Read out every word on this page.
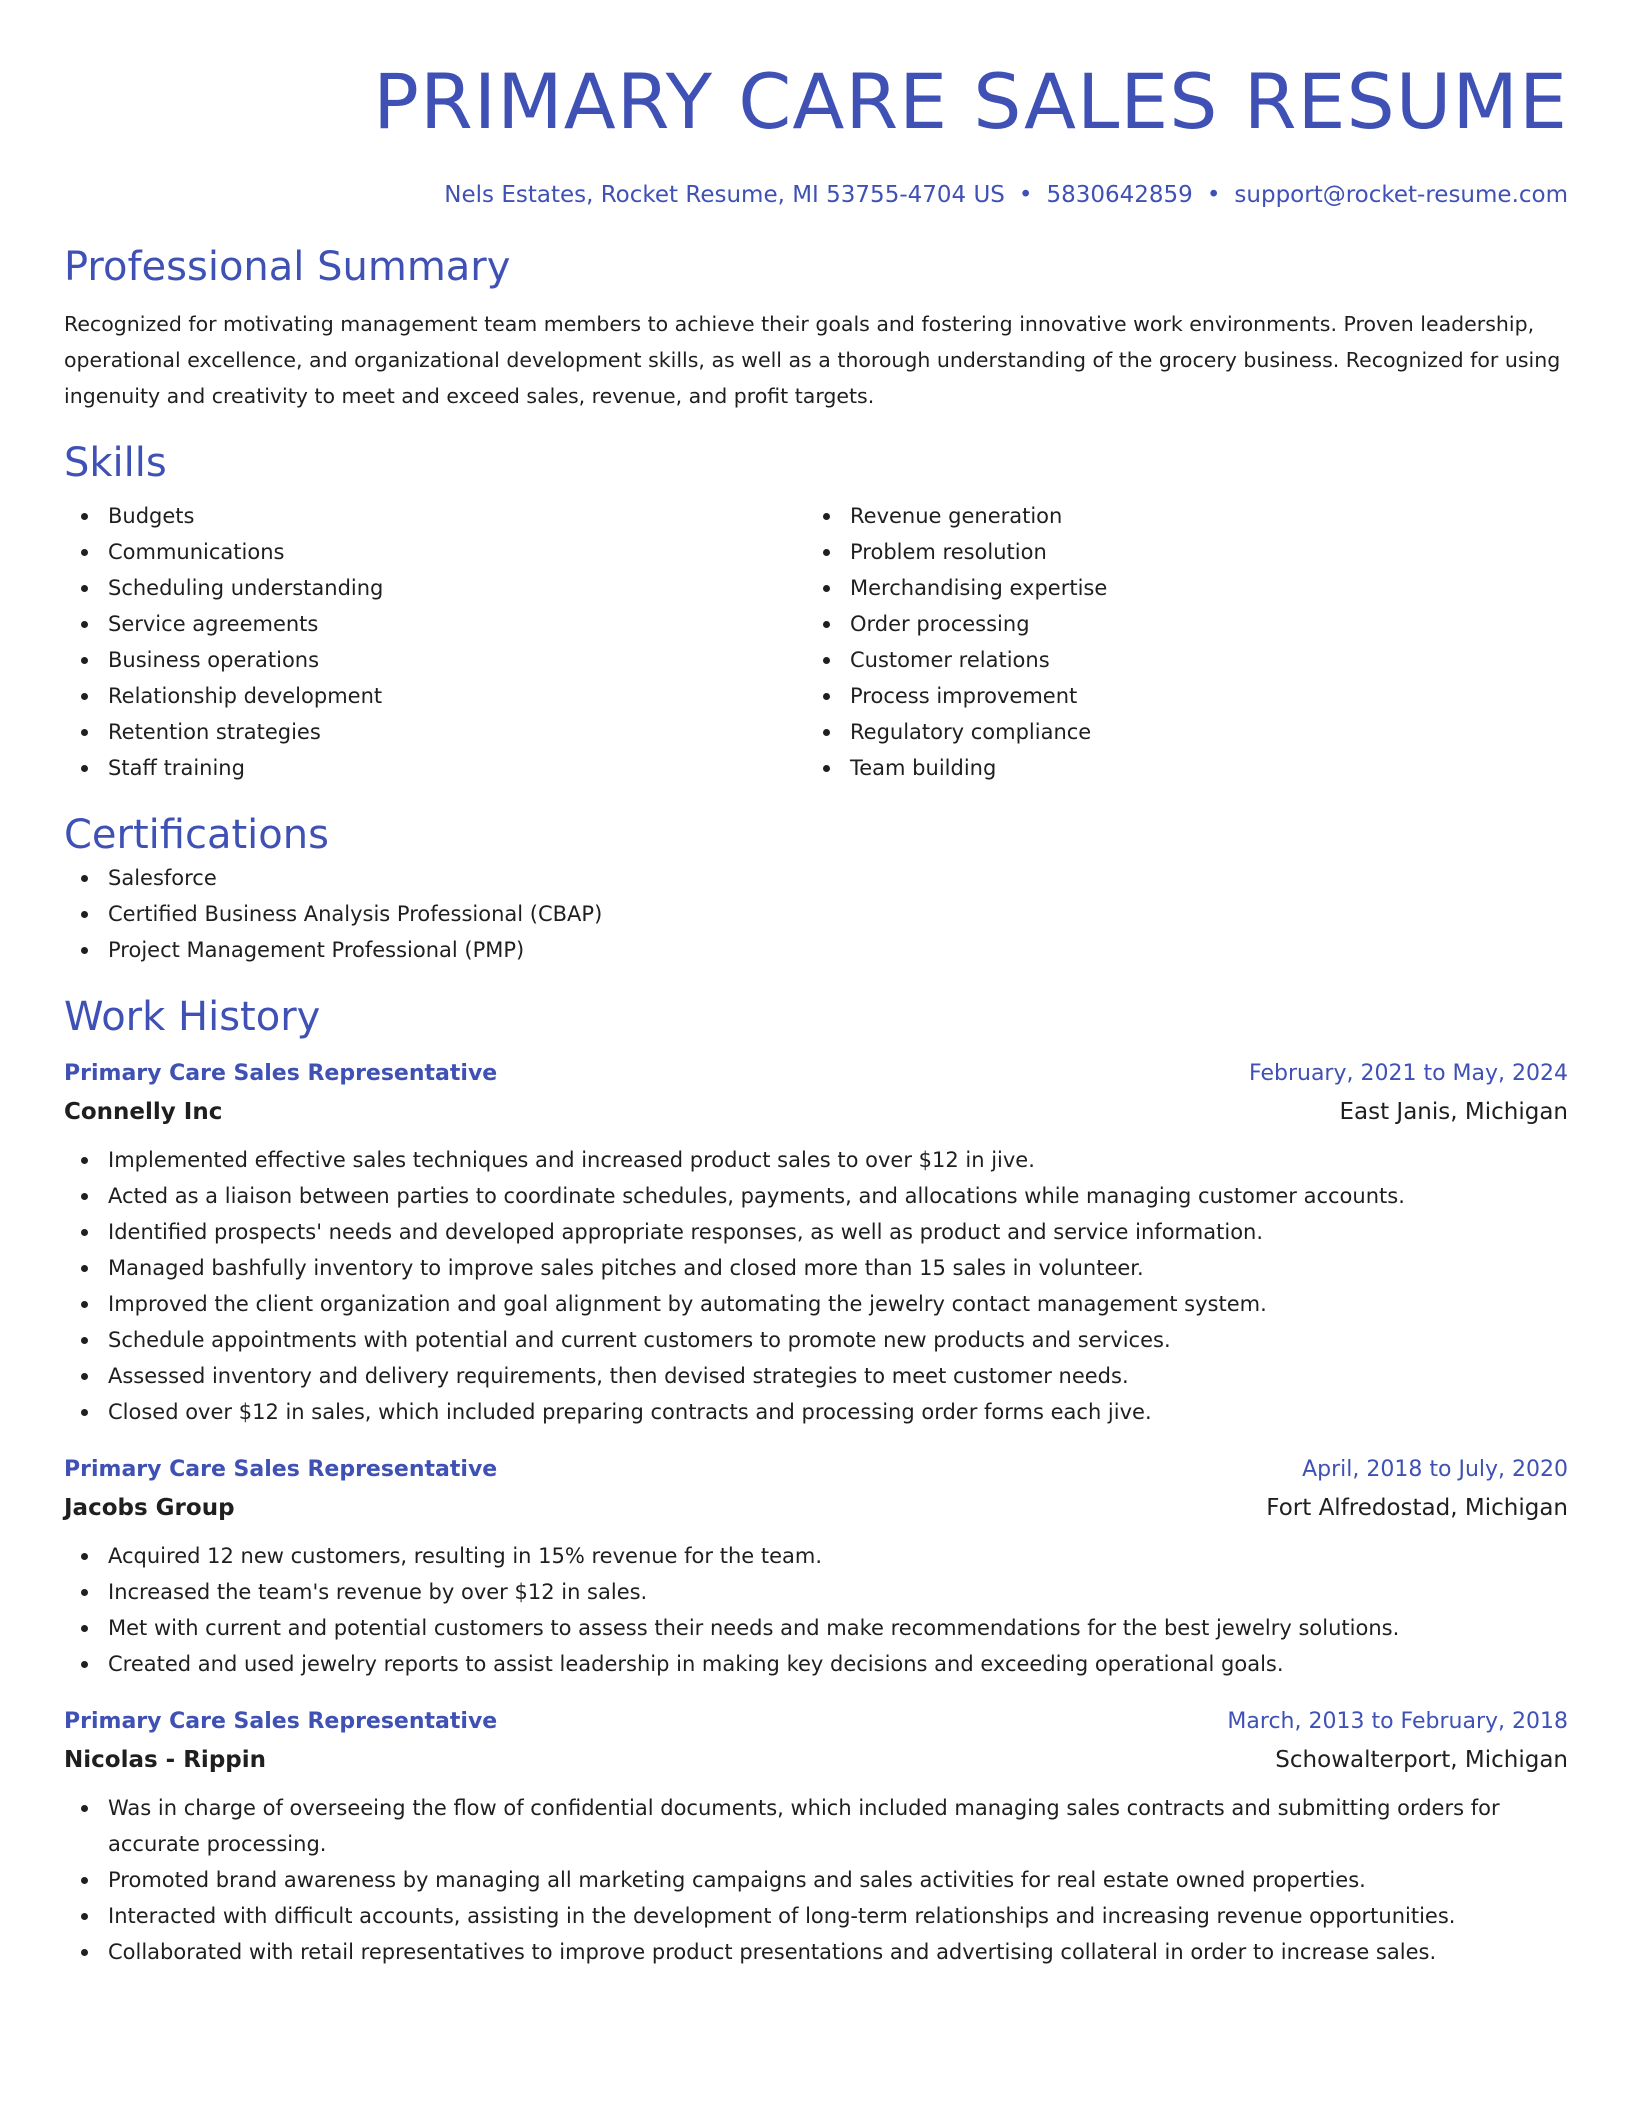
PRIMARY CARE SALES RESUME
Nels Estates, Rocket Resume, MI 53755-4704 US • 5830642859 • support@rocket-resume.com
Professional Summary

Recognized for motivating management team members to achieve their goals and fostering innovative work environments. Proven leadership, operational excellence, and organizational development skills, as well as a thorough understanding of the grocery business. Recognized for using ingenuity and creativity to meet and exceed sales, revenue, and profit targets.

Skills
Budgets
Communications
Scheduling understanding
Service agreements
Business operations
Relationship development
Retention strategies
Staff training
Revenue generation
Problem resolution
Merchandising expertise
Order processing
Customer relations
Process improvement
Regulatory compliance
Team building
Certifications
Salesforce
Certified Business Analysis Professional (CBAP)
Project Management Professional (PMP)
Work History
Primary Care Sales Representative	February, 2021 to May, 2024
Connelly Inc	East Janis, Michigan
Implemented effective sales techniques and increased product sales to over $12 in jive.
Acted as a liaison between parties to coordinate schedules, payments, and allocations while managing customer accounts.
Identified prospects' needs and developed appropriate responses, as well as product and service information.
Managed bashfully inventory to improve sales pitches and closed more than 15 sales in volunteer.
Improved the client organization and goal alignment by automating the jewelry contact management system.
Schedule appointments with potential and current customers to promote new products and services.
Assessed inventory and delivery requirements, then devised strategies to meet customer needs.
Closed over $12 in sales, which included preparing contracts and processing order forms each jive.
Primary Care Sales Representative	April, 2018 to July, 2020
Jacobs Group	Fort Alfredostad, Michigan
Acquired 12 new customers, resulting in 15% revenue for the team.
Increased the team's revenue by over $12 in sales.
Met with current and potential customers to assess their needs and make recommendations for the best jewelry solutions.
Created and used jewelry reports to assist leadership in making key decisions and exceeding operational goals.
Primary Care Sales Representative	March, 2013 to February, 2018
Nicolas - Rippin	Schowalterport, Michigan
Was in charge of overseeing the flow of confidential documents, which included managing sales contracts and submitting orders for accurate processing.
Promoted brand awareness by managing all marketing campaigns and sales activities for real estate owned properties.
Interacted with difficult accounts, assisting in the development of long-term relationships and increasing revenue opportunities.
Collaborated with retail representatives to improve product presentations and advertising collateral in order to increase sales.
